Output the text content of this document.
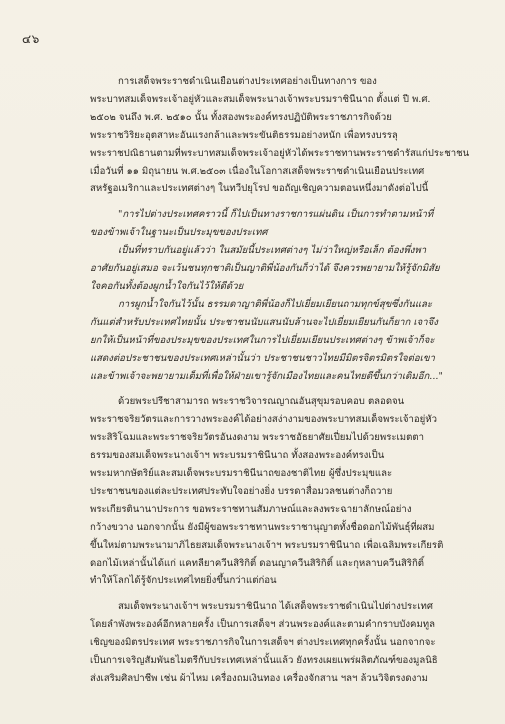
๔๖
การเสด็จพระราชดำเนินเยือนต่างประเทศอย่างเป็นทางการ ของ
พระบาทสมเด็จพระเจ้าอยู่หัวและสมเด็จพระนางเจ้าพระบรมราชินีนาถ ตั้งแต่ ปี พ.ศ.
๒๕๐๒ จนถึง พ.ศ. ๒๕๑๐ นั้น ทั้งสองพระองค์ทรงปฏิบัติพระราชภารกิจด้วย
พระราชวิริยะอุตสาหะอันแรงกล้าและพระขันติธรรมอย่างหนัก เพื่อทรงบรรลุ
พระราชปณิธานตามที่พระบาทสมเด็จพระเจ้าอยู่หัวได้พระราชทานพระราชดำรัสแก่ประชาชน
เมื่อวันที่ ๑๑ มิถุนายน พ.ศ.๒๕๐๓ เนื่องในโอกาสเสด็จพระราชดำเนินเยือนประเทศ
สหรัฐอเมริกาและประเทศต่างๆ ในทวีปยุโรป ขอถัญเชิญความตอนหนึ่งมาดังต่อไปนี้
"การไปต่างประเทศคราวนี้ ก็ไปเป็นทางราชการแผ่นดิน เป็นการทำตามหน้าที่
ของข้าพเจ้าในฐานะเป็นประมุขของประเทศ
เป็นที่ทราบกันอยู่แล้วว่า ในสมัยนี้ประเทศต่างๆ ไม่ว่าใหญ่หรือเล็ก ต้องพึ่งพา
อาศัยกันอยู่เสมอ จะเว้นชนทุกชาติเป็นญาติพี่น้องกันก็ว่าได้ จึงควรพยายามให้รู้จักมิสัย
ใจคอกันทั้งต้องผูกน้ำใจกันไว้ให้ดีด้วย
การผูกน้ำใจกันไว้นั้น ธรรมดาญาติพี่น้องก็ไปเยี่ยมเยียนถามทุกข์สุขซึ่งกันและ
กันแต่สำหรับประเทศไทยนั้น ประชาชนนับแสนนับล้านจะไปเยี่ยมเยียนกันก็ยาก เจาจึง
ยกให้เป็นหน้าที่ของประมุขของประเทศในการไปเยี่ยมเยียนประเทศต่างๆ ข้าพเจ้าก็จะ
แสดงต่อประชาชนของประเทศเหล่านั้นว่า ประชาชนชาวไทยมีมิตรจิตรมิตรใจต่อเขา
และข้าพเจ้าจะพยายามเต็มที่เพื่อให้ฝ่ายเขารู้จักเมืองไทยและคนไทยดีขึ้นกว่าเดิมอีก..."
ด้วยพระปรีชาสามารถ พระราชวิจารณญาณอันสุขุมรอบคอบ ตลอดจน
พระราชจริยวัตรและการวางพระองค์ได้อย่างสง่างามของพระบาทสมเด็จพระเจ้าอยู่หัว
พระสิริโฉมและพระราชจริยวัตรอันงดงาม พระราชอัธยาศัยเปี่ยมไปด้วยพระเมตตา
ธรรมของสมเด็จพระนางเจ้าฯ พระบรมราชินีนาถ ทั้งสองพระองค์ทรงเป็น
พระมหากษัตริย์และสมเด็จพระบรมราชินีนาถของชาติไทย ผู้ซึ่งประมุขและ
ประชาชนของแต่ละประเทศประทับใจอย่างยิ่ง บรรดาสื่อมวลชนต่างก็ถวาย
พระเกียรตินานาประการ ขอพระราชทานสัมภาษณ์และลงพระฉายาลักษณ์อย่าง
กว้างขวาง นอกจากนั้น ยังมีผู้ขอพระราชทานพระราชานุญาตทั้งชื่อดอกไม้พันธุ์ที่ผสม
ขึ้นใหม่ตามพระนามาภิไธยสมเด็จพระนางเจ้าฯ พระบรมราชินีนาถ เพื่อเฉลิมพระเกียรติ
ดอกไม้เหล่านั้นได้แก่ แคทลียาควีนสิริกิติ์ ดอนญาควีนสิริกิติ์ และกุหลาบควีนสิริกิติ์
ทำให้โลกได้รู้จักประเทศไทยยิ่งขึ้นกว่าแต่ก่อน
สมเด็จพระนางเจ้าฯ พระบรมราชินีนาถ ได้เสด็จพระราชดำเนินไปต่างประเทศ
โดยลำพังพระองค์อีกหลายครั้ง เป็นการเสด็จฯ ส่วนพระองค์และตามคำกราบบังคมทูล
เชิญของมิตรประเทศ พระราชภารกิจในการเสด็จฯ ต่างประเทศทุกครั้งนั้น นอกจากจะ
เป็นการเจริญสัมพันธไมตรีกับประเทศเหล่านั้นแล้ว ยังทรงเผยแพร่ผลิตภัณฑ์ของมูลนิธิ
ส่งเสริมศิลปาชีพ เช่น ผ้าไหม เครื่องถมเงินทอง เครื่องจักสาน ฯลฯ ล้วนวิจิตรงดงาม
